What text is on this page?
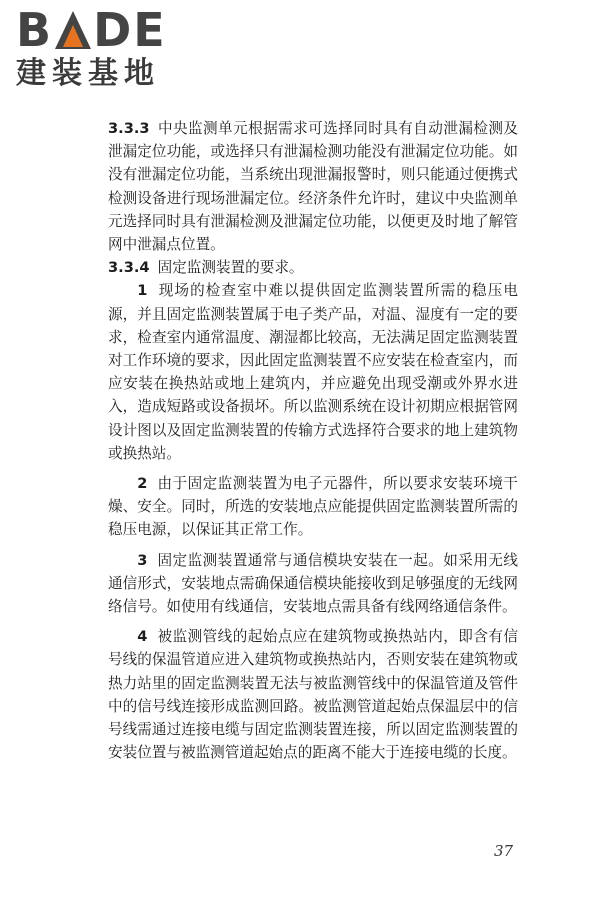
B D E
建装基地

3.3.3 中央监测单元根据需求可选择同时具有自动泄漏检测及泄漏定位功能，或选择只有泄漏检测功能没有泄漏定位功能。如没有泄漏定位功能，当系统出现泄漏报警时，则只能通过便携式检测设备进行现场泄漏定位。经济条件允许时，建议中央监测单元选择同时具有泄漏检测及泄漏定位功能，以便更及时地了解管网中泄漏点位置。

3.3.4 固定监测装置的要求。

1 现场的检查室中难以提供固定监测装置所需的稳压电源，并且固定监测装置属于电子类产品，对温、湿度有一定的要求，检查室内通常温度、潮湿都比较高，无法满足固定监测装置对工作环境的要求，因此固定监测装置不应安装在检查室内，而应安装在换热站或地上建筑内，并应避免出现受潮或外界水进入，造成短路或设备损坏。所以监测系统在设计初期应根据管网设计图以及固定监测装置的传输方式选择符合要求的地上建筑物或换热站。

2 由于固定监测装置为电子元器件，所以要求安装环境干燥、安全。同时，所选的安装地点应能提供固定监测装置所需的稳压电源，以保证其正常工作。

3 固定监测装置通常与通信模块安装在一起。如采用无线通信形式，安装地点需确保通信模块能接收到足够强度的无线网络信号。如使用有线通信，安装地点需具备有线网络通信条件。

4 被监测管线的起始点应在建筑物或换热站内，即含有信号线的保温管道应进入建筑物或换热站内，否则安装在建筑物或热力站里的固定监测装置无法与被监测管线中的保温管道及管件中的信号线连接形成监测回路。被监测管道起始点保温层中的信号线需通过连接电缆与固定监测装置连接，所以固定监测装置的安装位置与被监测管道起始点的距离不能大于连接电缆的长度。

37
